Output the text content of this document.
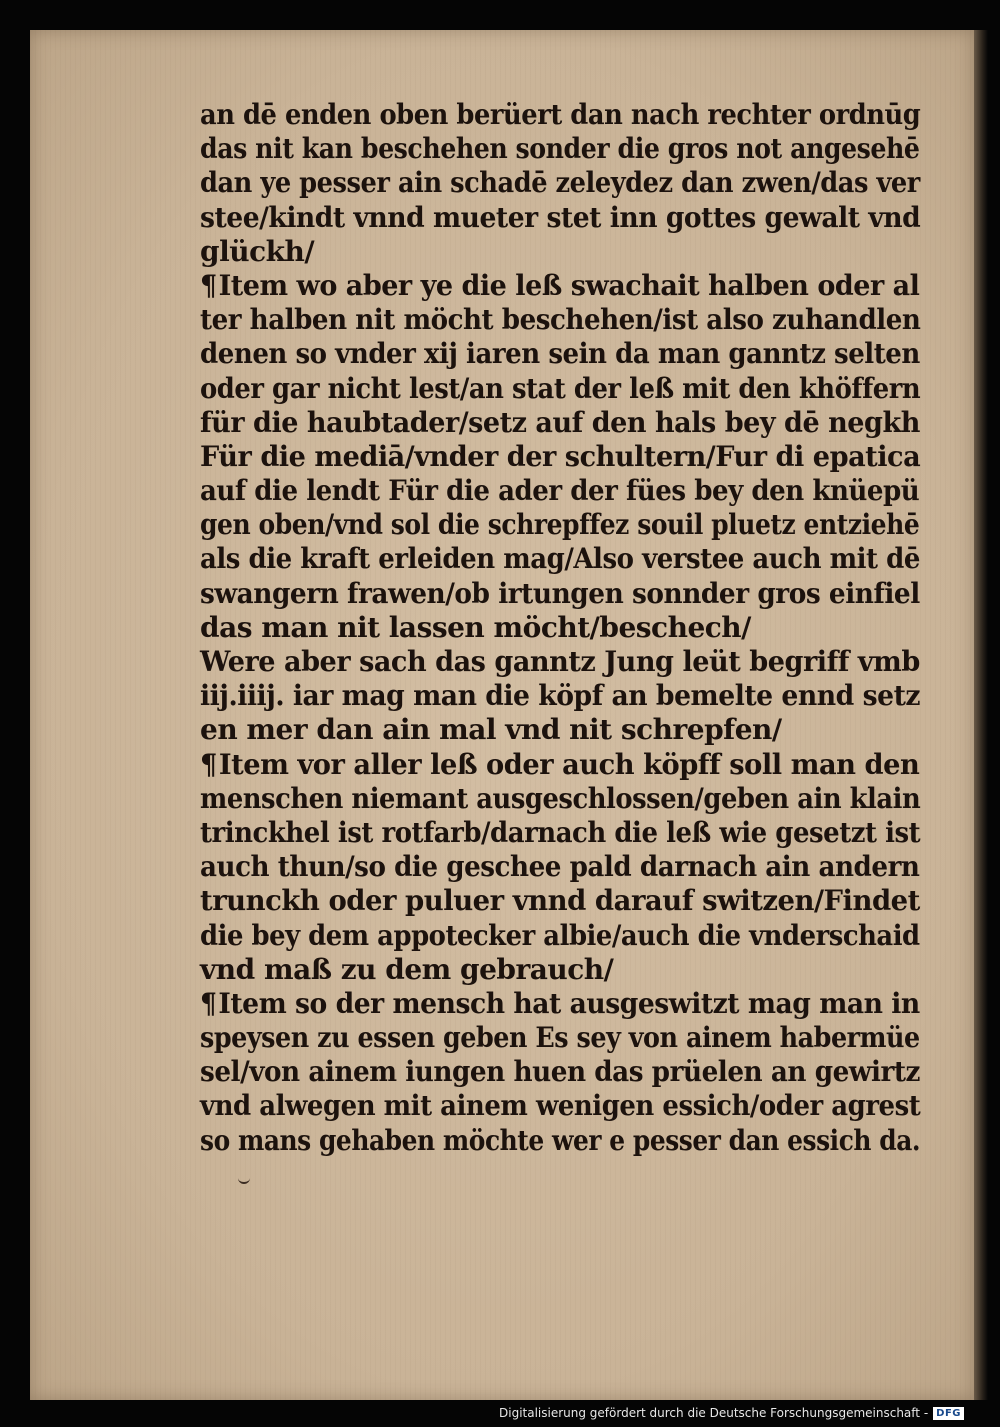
an dē enden oben berüert dan nach rechter ordnūg
das nit kan beschehen sonder die gros not angesehē
dan ye pesser ain schadē zeleydez dan zwen/das ver
stee/kindt vnnd mueter stet inn gottes gewalt vnd
glückh/
¶Item wo aber ye die leß swachait halben oder al
ter halben nit möcht beschehen/ist also zuhandlen
denen so vnder xij iaren sein da man ganntz selten
oder gar nicht lest/an stat der leß mit den khöffern
für die haubtader/setz auf den hals bey dē negkh
Für die mediā/vnder der schultern/Fur di epatica
auf die lendt Für die ader der fües bey den knüepü
gen oben/vnd sol die schrepffez souil pluetz entziehē
als die kraft erleiden mag/Also verstee auch mit dē
swangern frawen/ob irtungen sonnder gros einfiel
das man nit lassen möcht/beschech/
Were aber sach das ganntz Jung leüt begriff vmb
iij.iiij. iar mag man die köpf an bemelte ennd setz
en mer dan ain mal vnd nit schrepfen/
¶Item vor aller leß oder auch köpff soll man den
menschen niemant ausgeschlossen/geben ain klain
trinckhel ist rotfarb/darnach die leß wie gesetzt ist
auch thun/so die geschee pald darnach ain andern
trunckh oder puluer vnnd darauf switzen/Findet
die bey dem appotecker albie/auch die vnderschaid
vnd maß zu dem gebrauch/
¶Item so der mensch hat ausgeswitzt mag man in
speysen zu essen geben Es sey von ainem habermüe
sel/von ainem iungen huen das prüelen an gewirtz
vnd alwegen mit ainem wenigen essich/oder agrest
so mans gehaben möchte wer e pesser dan essich da.
Digitalisierung gefördert durch die Deutsche Forschungsgemeinschaft - DFG
